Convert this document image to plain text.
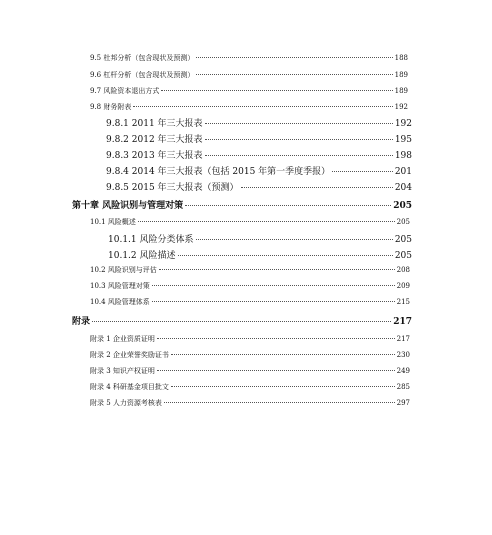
9.5 杜邦分析（包含现状及预测）	188
9.6 杠杆分析（包含现状及预测）	189
9.7 风险资本退出方式	189
9.8 财务附表	192
9.8.1 2011 年三大报表	192
9.8.2 2012 年三大报表	195
9.8.3 2013 年三大报表	198
9.8.4 2014 年三大报表（包括 2015 年第一季度季报）	201
9.8.5 2015 年三大报表（预测）	204
第十章 风险识别与管理对策	205
10.1 风险概述	205
10.1.1 风险分类体系	205
10.1.2 风险描述	205
10.2 风险识别与评估	208
10.3 风险管理对策	209
10.4 风险管理体系	215
附录	217
附录 1 企业资质证明	217
附录 2 企业荣誉奖励证书	230
附录 3 知识产权证明	249
附录 4 科研基金项目批文	285
附录 5 人力资源考核表	297
